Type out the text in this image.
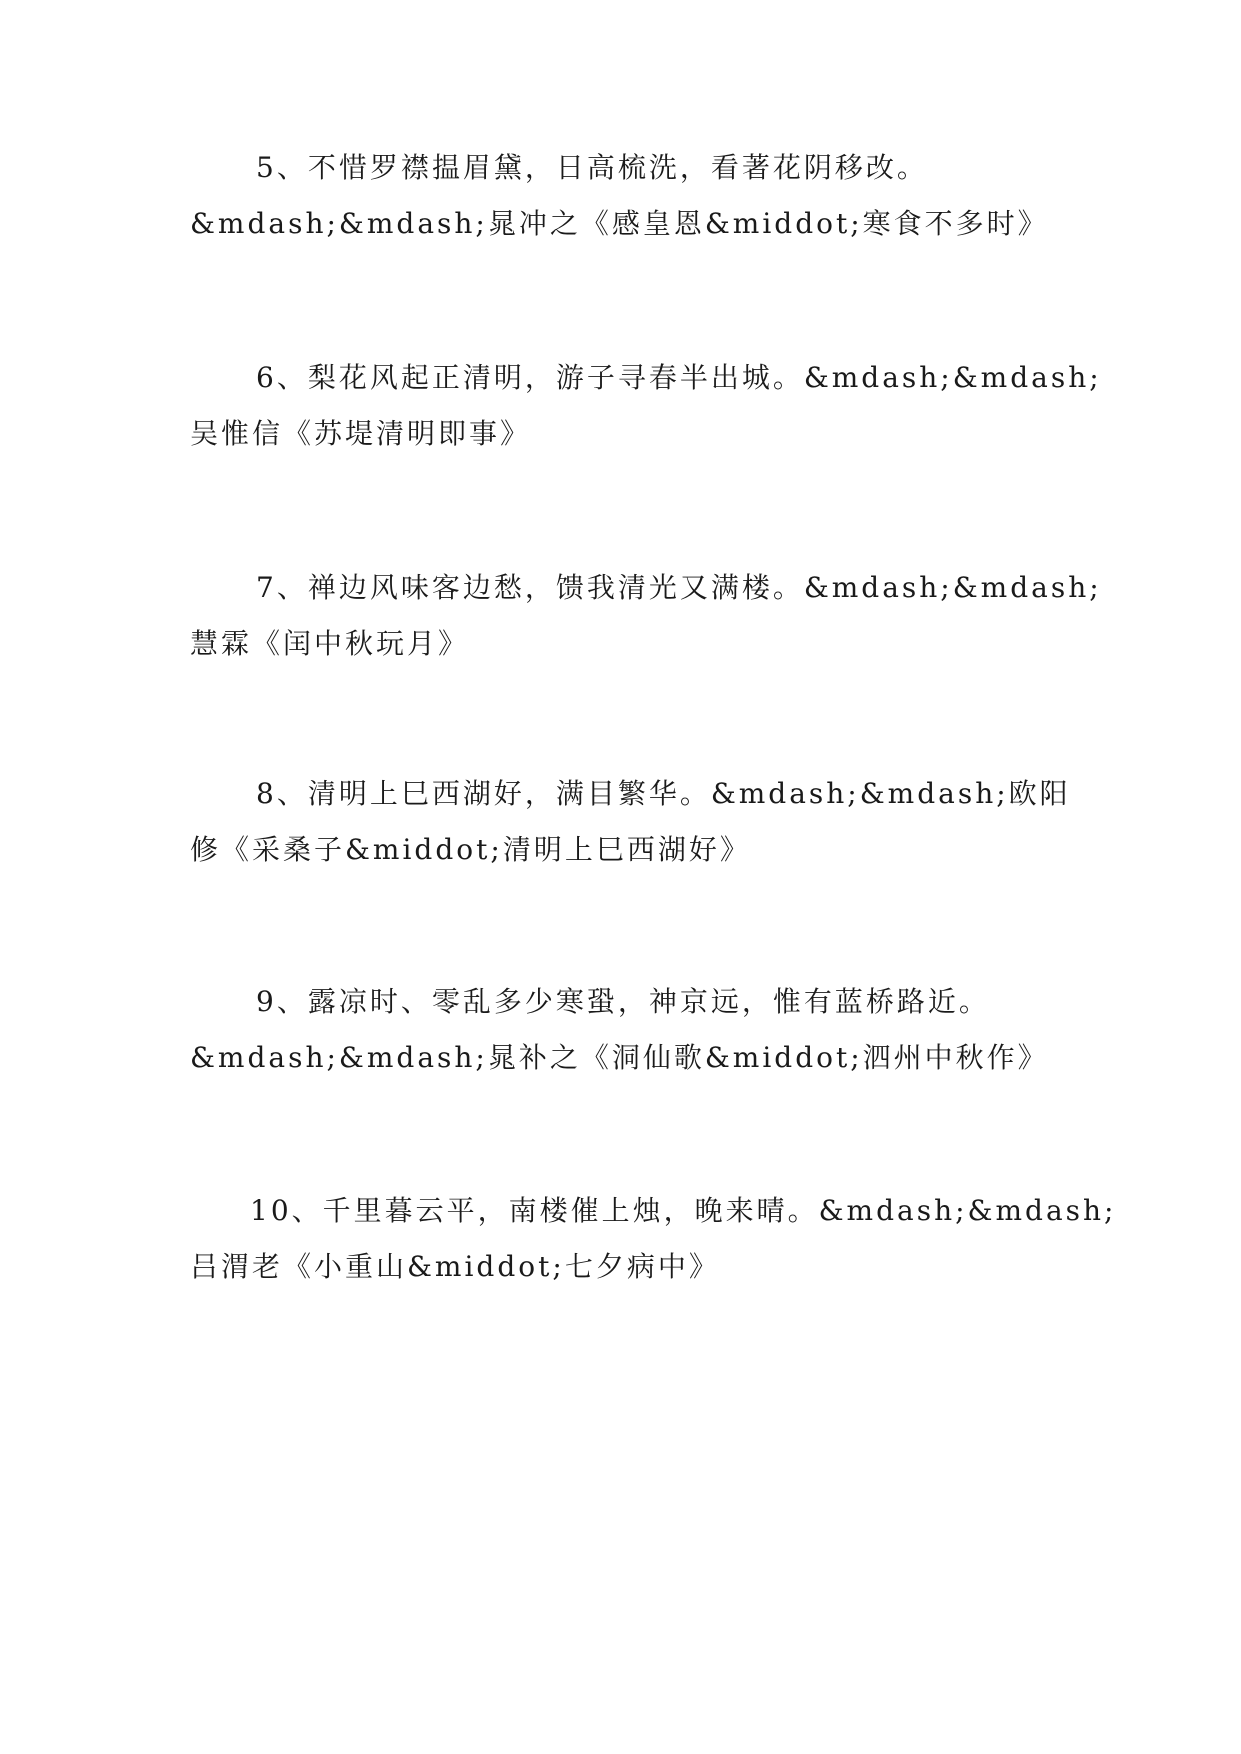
5、不惜罗襟揾眉黛，日高梳洗，看著花阴移改。
&mdash;&mdash;晁冲之《感皇恩&middot;寒食不多时》
6、梨花风起正清明，游子寻春半出城。&mdash;&mdash;
吴惟信《苏堤清明即事》
7、禅边风味客边愁，馈我清光又满楼。&mdash;&mdash;
慧霖《闰中秋玩月》
8、清明上巳西湖好，满目繁华。&mdash;&mdash;欧阳
修《采桑子&middot;清明上巳西湖好》
9、露凉时、零乱多少寒蛩，神京远，惟有蓝桥路近。
&mdash;&mdash;晁补之《洞仙歌&middot;泗州中秋作》
10、千里暮云平，南楼催上烛，晚来晴。&mdash;&mdash;
吕渭老《小重山&middot;七夕病中》
